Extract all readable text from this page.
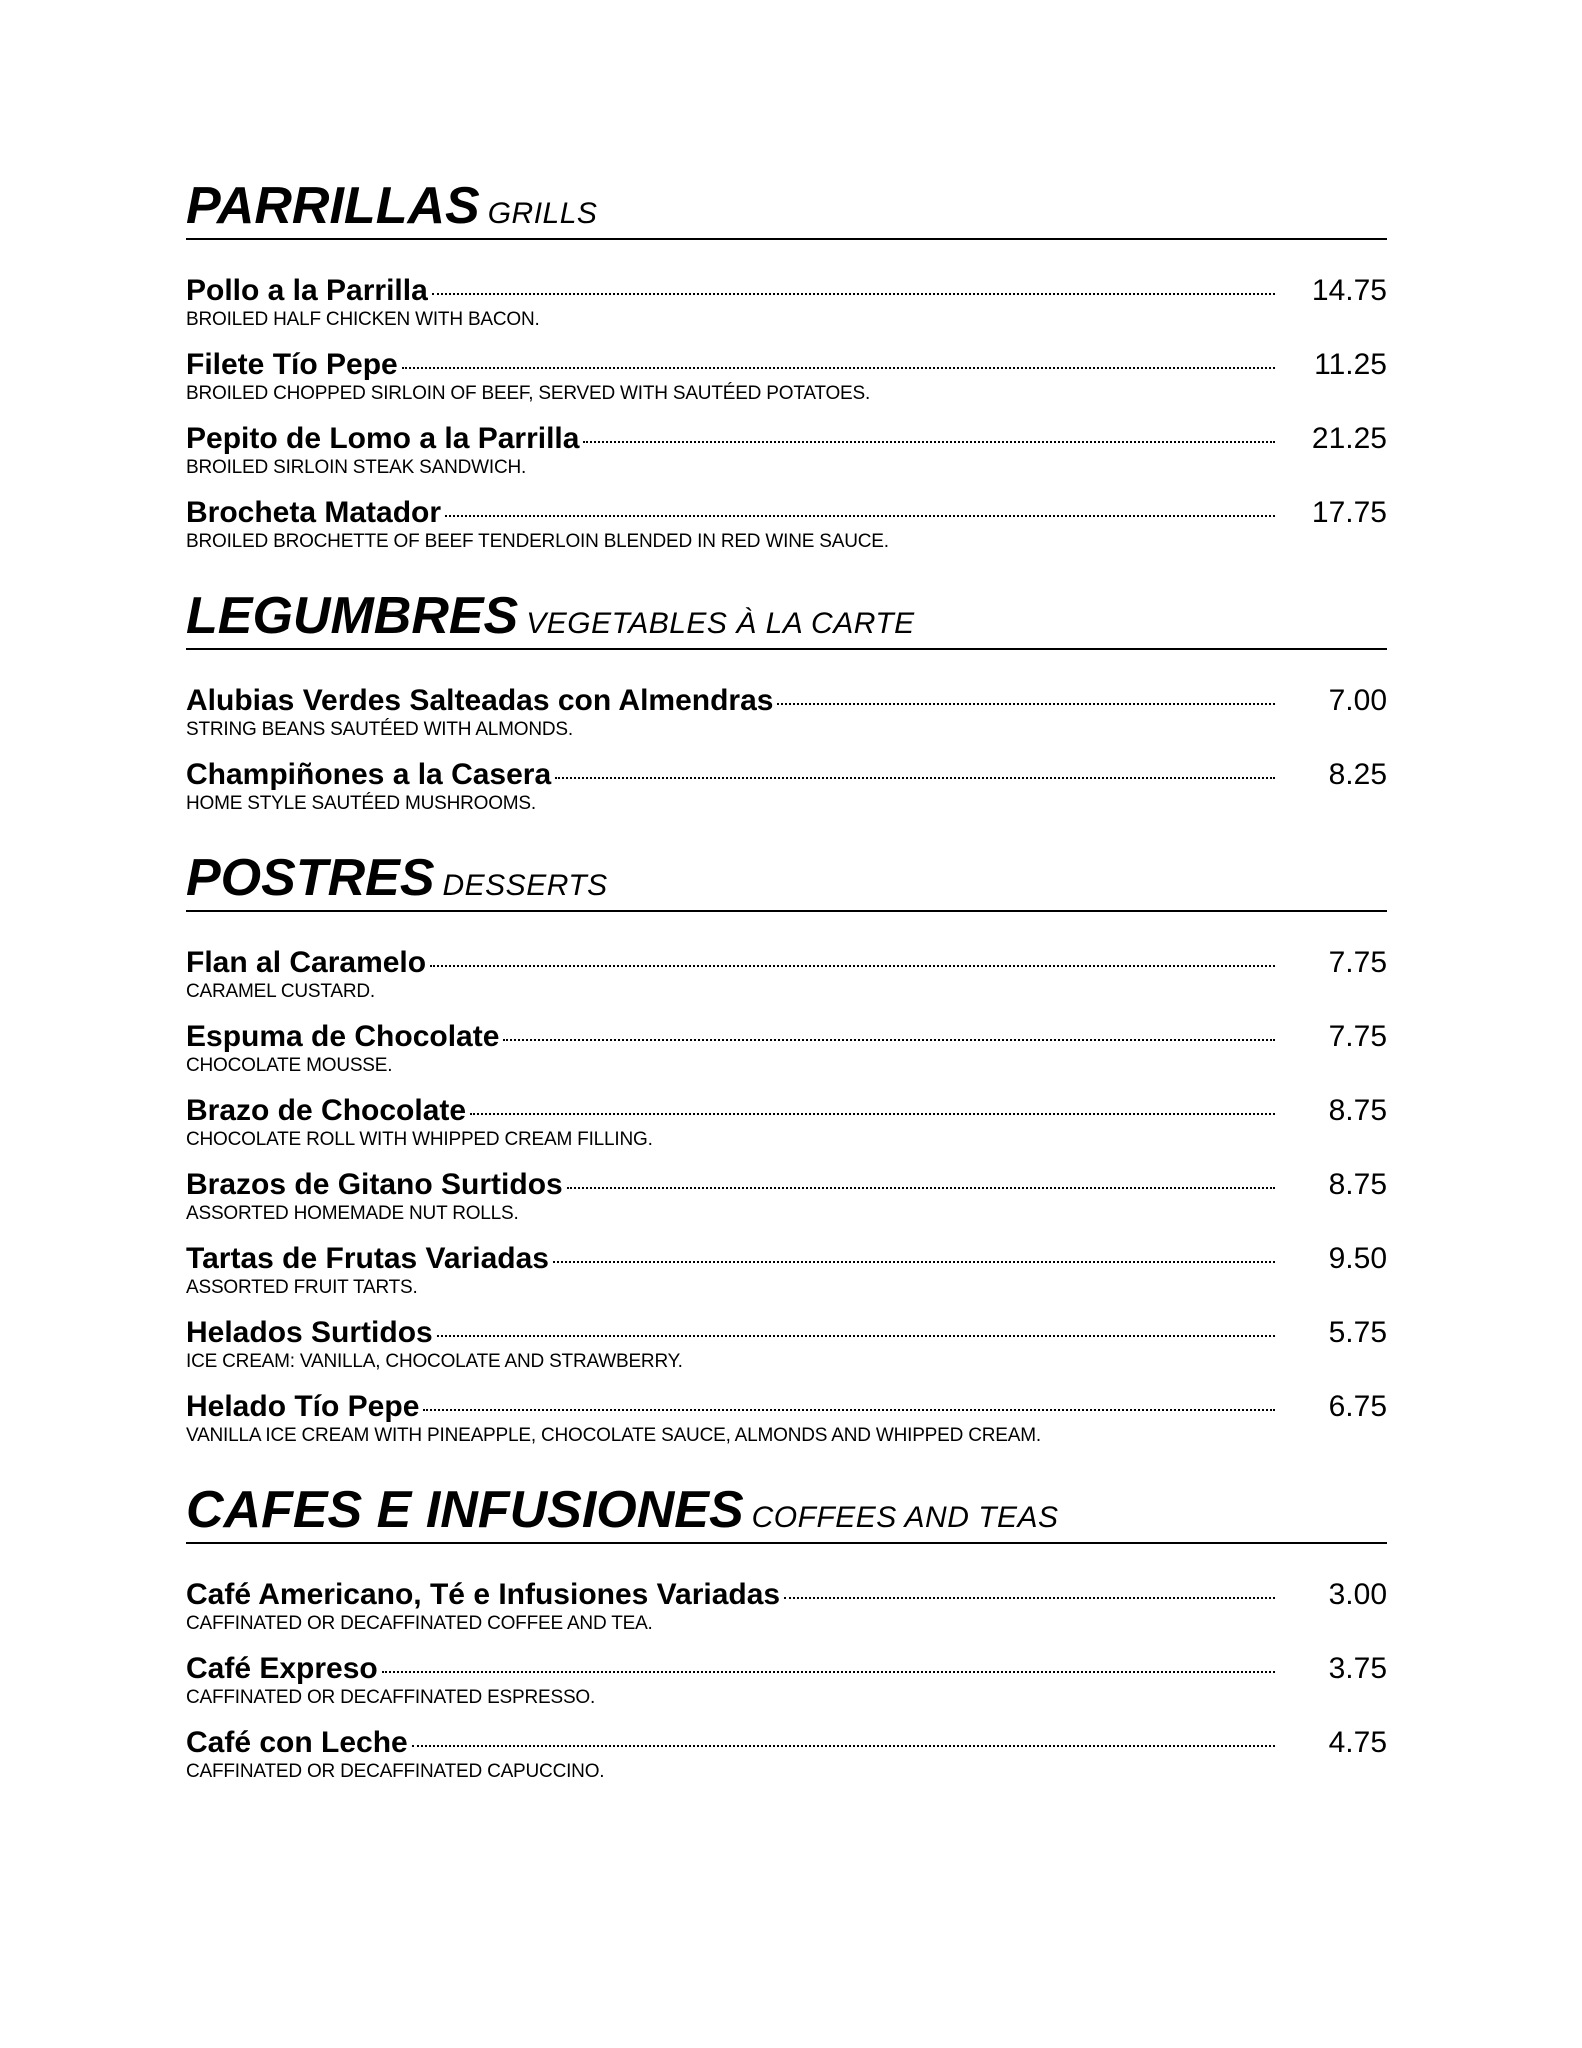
PARRILLAS GRILLS
Pollo a la Parrilla	14.75
BROILED HALF CHICKEN WITH BACON.
Filete Tío Pepe	11.25
BROILED CHOPPED SIRLOIN OF BEEF, SERVED WITH SAUTÉED POTATOES.
Pepito de Lomo a la Parrilla	21.25
BROILED SIRLOIN STEAK SANDWICH.
Brocheta Matador	17.75
BROILED BROCHETTE OF BEEF TENDERLOIN BLENDED IN RED WINE SAUCE.
LEGUMBRES VEGETABLES À LA CARTE
Alubias Verdes Salteadas con Almendras	7.00
STRING BEANS SAUTÉED WITH ALMONDS.
Champiñones a la Casera	8.25
HOME STYLE SAUTÉED MUSHROOMS.
POSTRES DESSERTS
Flan al Caramelo	7.75
CARAMEL CUSTARD.
Espuma de Chocolate	7.75
CHOCOLATE MOUSSE.
Brazo de Chocolate	8.75
CHOCOLATE ROLL WITH WHIPPED CREAM FILLING.
Brazos de Gitano Surtidos	8.75
ASSORTED HOMEMADE NUT ROLLS.
Tartas de Frutas Variadas	9.50
ASSORTED FRUIT TARTS.
Helados Surtidos	5.75
ICE CREAM: VANILLA, CHOCOLATE AND STRAWBERRY.
Helado Tío Pepe	6.75
VANILLA ICE CREAM WITH PINEAPPLE, CHOCOLATE SAUCE, ALMONDS AND WHIPPED CREAM.
CAFES E INFUSIONES COFFEES AND TEAS
Café Americano, Té e Infusiones Variadas	3.00
CAFFINATED OR DECAFFINATED COFFEE AND TEA.
Café Expreso	3.75
CAFFINATED OR DECAFFINATED ESPRESSO.
Café con Leche	4.75
CAFFINATED OR DECAFFINATED CAPUCCINO.
